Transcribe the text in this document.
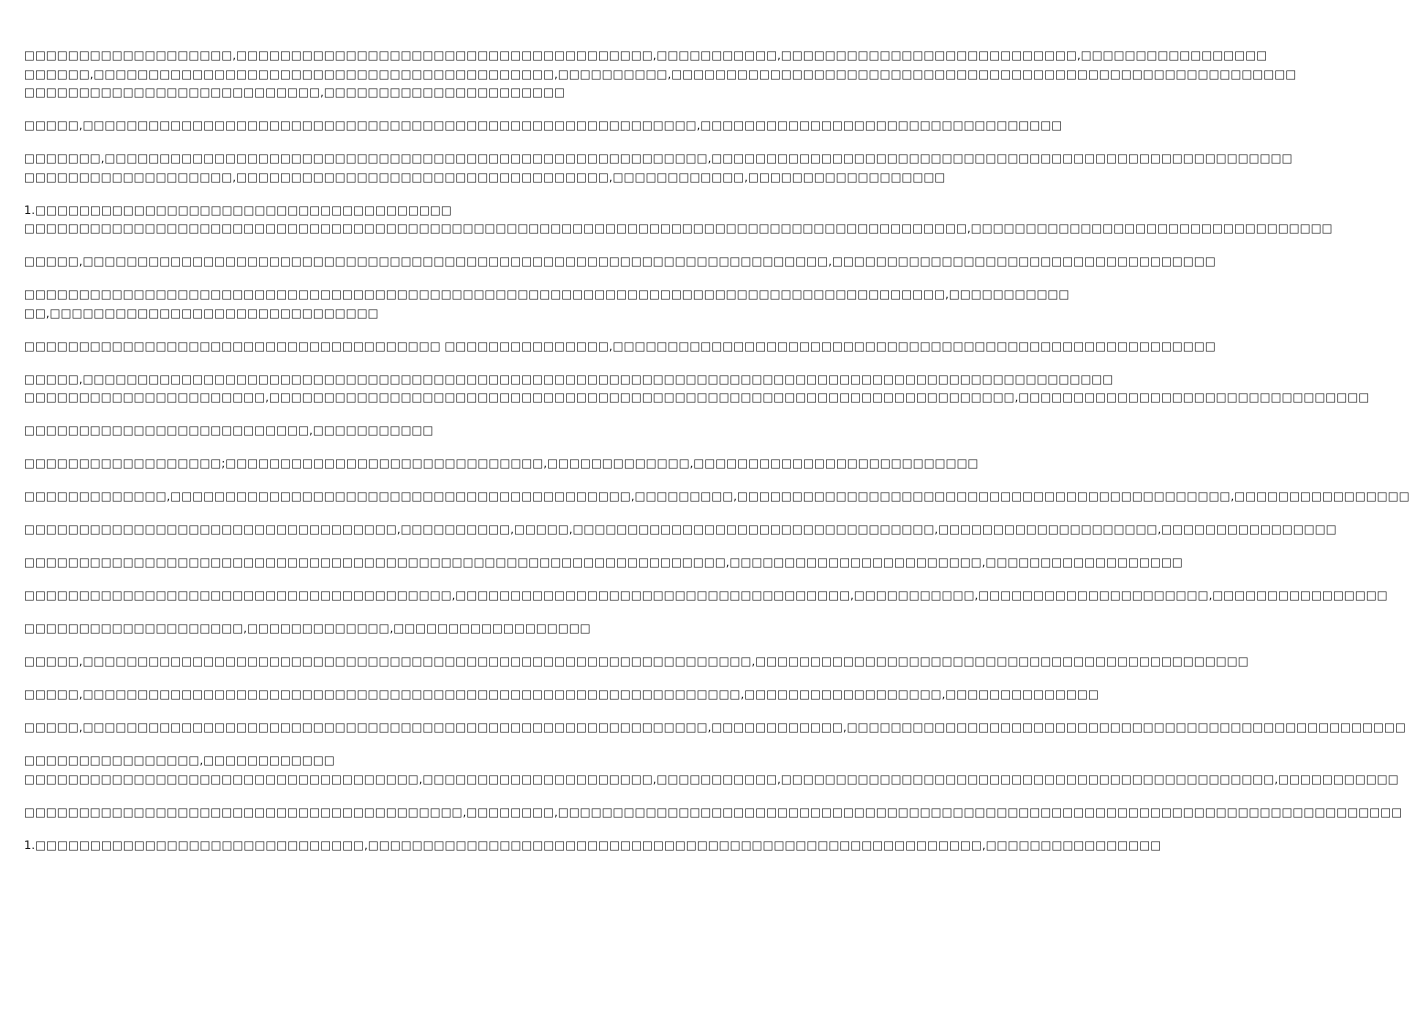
□□□□□□□□□□□□□□□□□□□,□□□□□□□□□□□□□□□□□□□□□□□□□□□□□□□□□□□□□□,□□□□□□□□□□□,□□□□□□□□□□□□□□□□□□□□□□□□□□□,□□□□□□□□□□□□□□□□□
□□□□□□,□□□□□□□□□□□□□□□□□□□□□□□□□□□□□□□□□□□□□□□□□□,□□□□□□□□□□,□□□□□□□□□□□□□□□□□□□□□□□□□□□□□□□□□□□□□□□□□□□□□□□□□□□□□□□□□
□□□□□□□□□□□□□□□□□□□□□□□□□□□,□□□□□□□□□□□□□□□□□□□□□□
□□□□□,□□□□□□□□□□□□□□□□□□□□□□□□□□□□□□□□□□□□□□□□□□□□□□□□□□□□□□□□,□□□□□□□□□□□□□□□□□□□□□□□□□□□□□□□□□
□□□□□□□,□□□□□□□□□□□□□□□□□□□□□□□□□□□□□□□□□□□□□□□□□□□□□□□□□□□□□□□,□□□□□□□□□□□□□□□□□□□□□□□□□□□□□□□□□□□□□□□□□□□□□□□□□□□□□
□□□□□□□□□□□□□□□□□□□,□□□□□□□□□□□□□□□□□□□□□□□□□□□□□□□□□□,□□□□□□□□□□□□,□□□□□□□□□□□□□□□□□□
1.□□□□□□□□□□□□□□□□□□□□□□□□□□□□□□□□□□□□□□
□□□□□□□□□□□□□□□□□□□□□□□□□□□□□□□□□□□□□□□□□□□□□□□□□□□□□□□□□□□□□□□□□□□□□□□□□□□□□□□□□□□□□□,□□□□□□□□□□□□□□□□□□□□□□□□□□□□□□□□□
□□□□□,□□□□□□□□□□□□□□□□□□□□□□□□□□□□□□□□□□□□□□□□□□□□□□□□□□□□□□□□□□□□□□□□□□□□,□□□□□□□□□□□□□□□□□□□□□□□□□□□□□□□□□□□
□□□□□□□□□□□□□□□□□□□□□□□□□□□□□□□□□□□□□□□□□□□□□□□□□□□□□□□□□□□□□□□□□□□□□□□□□□□□□□□□□□□□,□□□□□□□□□□□
□□,□□□□□□□□□□□□□□□□□□□□□□□□□□□□□□
□□□□□□□□□□□□□□□□□□□□□□□□□□□□□□□□□□□□□□ □□□□□□□□□□□□□□□,□□□□□□□□□□□□□□□□□□□□□□□□□□□□□□□□□□□□□□□□□□□□□□□□□□□□□□□
□□□□□,□□□□□□□□□□□□□□□□□□□□□□□□□□□□□□□□□□□□□□□□□□□□□□□□□□□□□□□□□□□□□□□□□□□□□□□□□□□□□□□□□□□□□□□□□□□□□□
□□□□□□□□□□□□□□□□□□□□□□,□□□□□□□□□□□□□□□□□□□□□□□□□□□□□□□□□□□□□□□□□□□□□□□□□□□□□□□□□□□□□□□□□□□□,□□□□□□□□□□□□□□□□□□□□□□□□□□□□□□□□
□□□□□□□□□□□□□□□□□□□□□□□□□□,□□□□□□□□□□□
□□□□□□□□□□□□□□□□□□;□□□□□□□□□□□□□□□□□□□□□□□□□□□□□,□□□□□□□□□□□□□,□□□□□□□□□□□□□□□□□□□□□□□□□□
□□□□□□□□□□□□□,□□□□□□□□□□□□□□□□□□□□□□□□□□□□□□□□□□□□□□□□□□,□□□□□□□□□,□□□□□□□□□□□□□□□□□□□□□□□□□□□□□□□□□□□□□□□□□□□□□,□□□□□□□□□□□□□□□□
□□□□□□□□□□□□□□□□□□□□□□□□□□□□□□□□□□,□□□□□□□□□□,□□□□□,□□□□□□□□□□□□□□□□□□□□□□□□□□□□□□□□□,□□□□□□□□□□□□□□□□□□□□,□□□□□□□□□□□□□□□□
□□□□□□□□□□□□□□□□□□□□□□□□□□□□□□□□□□□□□□□□□□□□□□□□□□□□□□□□□□□□□□□□,□□□□□□□□□□□□□□□□□□□□□□□,□□□□□□□□□□□□□□□□□□
□□□□□□□□□□□□□□□□□□□□□□□□□□□□□□□□□□□□□□□,□□□□□□□□□□□□□□□□□□□□□□□□□□□□□□□□□□□□,□□□□□□□□□□□,□□□□□□□□□□□□□□□□□□□□□,□□□□□□□□□□□□□□□□
□□□□□□□□□□□□□□□□□□□□,□□□□□□□□□□□□□,□□□□□□□□□□□□□□□□□□
□□□□□,□□□□□□□□□□□□□□□□□□□□□□□□□□□□□□□□□□□□□□□□□□□□□□□□□□□□□□□□□□□□□,□□□□□□□□□□□□□□□□□□□□□□□□□□□□□□□□□□□□□□□□□□□□□
□□□□□,□□□□□□□□□□□□□□□□□□□□□□□□□□□□□□□□□□□□□□□□□□□□□□□□□□□□□□□□□□□□,□□□□□□□□□□□□□□□□□□,□□□□□□□□□□□□□□
□□□□□,□□□□□□□□□□□□□□□□□□□□□□□□□□□□□□□□□□□□□□□□□□□□□□□□□□□□□□□□□,□□□□□□□□□□□□,□□□□□□□□□□□□□□□□□□□□□□□□□□□□□□□□□□□□□□□□□□□□□□□□□□□
□□□□□□□□□□□□□□□□,□□□□□□□□□□□□
□□□□□□□□□□□□□□□□□□□□□□□□□□□□□□□□□□□□,□□□□□□□□□□□□□□□□□□□□□,□□□□□□□□□□□,□□□□□□□□□□□□□□□□□□□□□□□□□□□□□□□□□□□□□□□□□□□□□,□□□□□□□□□□□
□□□□□□□□□□□□□□□□□□□□□□□□□□□□□□□□□□□□□□□□,□□□□□□□□,□□□□□□□□□□□□□□□□□□□□□□□□□□□□□□□□□□□□□□□□□□□□□□□□□□□□□□□□□□□□□□□□□□□□□□□□□□□□□
1.□□□□□□□□□□□□□□□□□□□□□□□□□□□□□□,□□□□□□□□□□□□□□□□□□□□□□□□□□□□□□□□□□□□□□□□□□□□□□□□□□□□□□□□,□□□□□□□□□□□□□□□□
